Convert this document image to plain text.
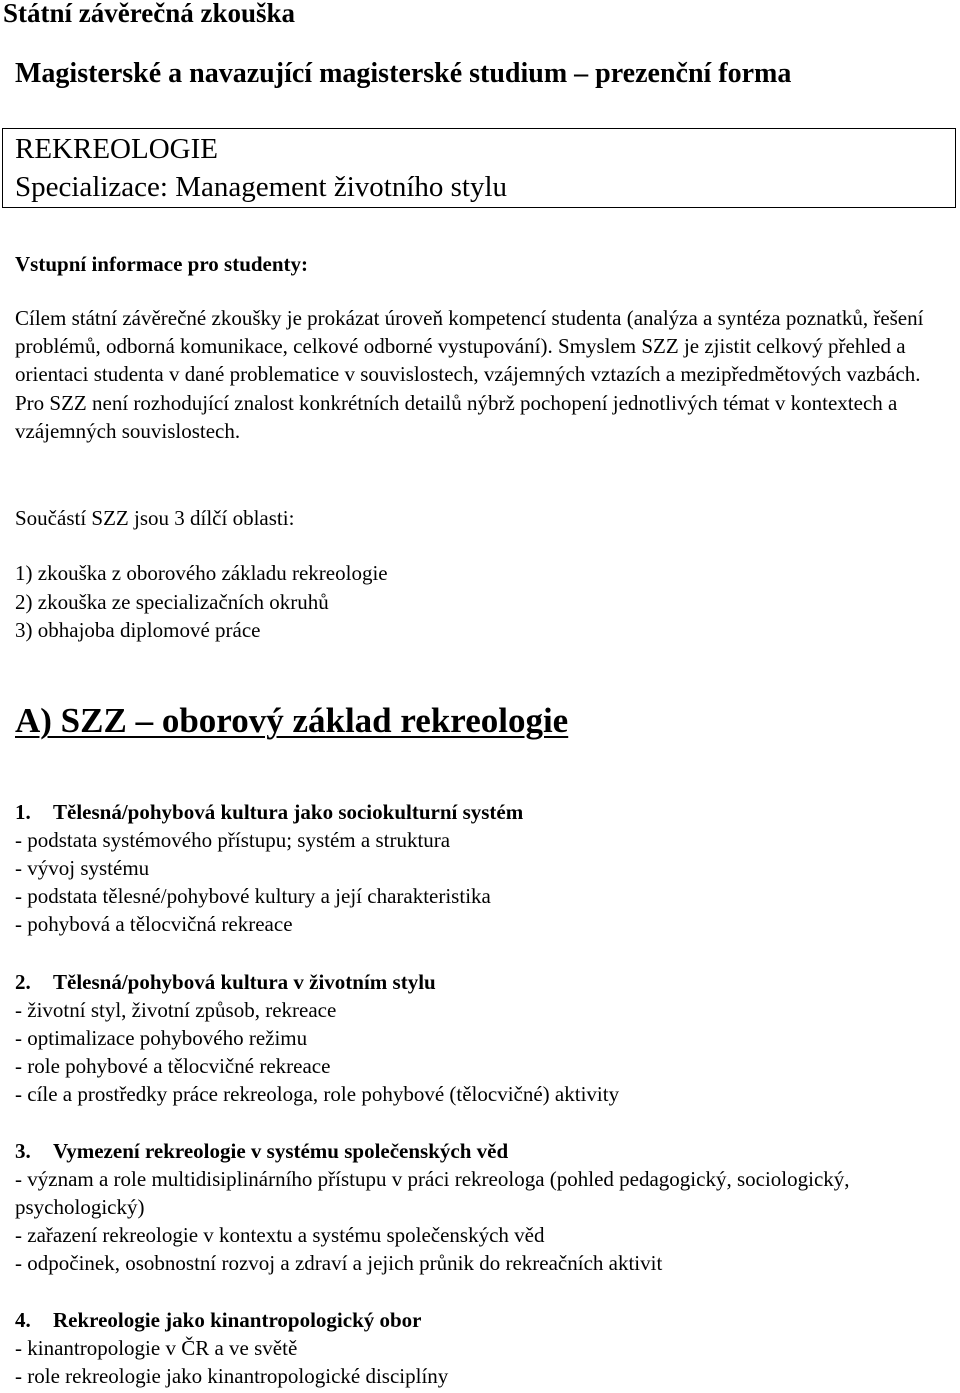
Státní závěrečná zkouška
Magisterské a navazující magisterské studium – prezenční forma
REKREOLOGIE
Specializace: Management životního stylu
Vstupní informace pro studenty:
Cílem státní závěrečné zkoušky je prokázat úroveň kompetencí studenta (analýza a syntéza poznatků, řešení problémů, odborná komunikace, celkové odborné vystupování). Smyslem SZZ je zjistit celkový přehled a orientaci studenta v dané problematice v souvislostech, vzájemných vztazích a mezipředmětových vazbách. Pro SZZ není rozhodující znalost konkrétních detailů nýbrž pochopení jednotlivých témat v kontextech a vzájemných souvislostech.
Součástí SZZ jsou 3 dílčí oblasti:
1) zkouška z oborového základu rekreologie
2) zkouška ze specializačních okruhů
3) obhajoba diplomové práce
A) SZZ – oborový základ rekreologie
1. Tělesná/pohybová kultura jako sociokulturní systém
- podstata systémového přístupu; systém a struktura
- vývoj systému
- podstata tělesné/pohybové kultury a její charakteristika
- pohybová a tělocvičná rekreace
2. Tělesná/pohybová kultura v životním stylu
- životní styl, životní způsob, rekreace
- optimalizace pohybového režimu
- role pohybové a tělocvičné rekreace
- cíle a prostředky práce rekreologa, role pohybové (tělocvičné) aktivity
3. Vymezení rekreologie v systému společenských věd
- význam a role multidisiplinárního přístupu v práci rekreologa (pohled pedagogický, sociologický, psychologický)
- zařazení rekreologie v kontextu a systému společenských věd
- odpočinek, osobnostní rozvoj a zdraví a jejich průnik do rekreačních aktivit
4. Rekreologie jako kinantropologický obor
- kinantropologie v ČR a ve světě
- role rekreologie jako kinantropologické disciplíny
